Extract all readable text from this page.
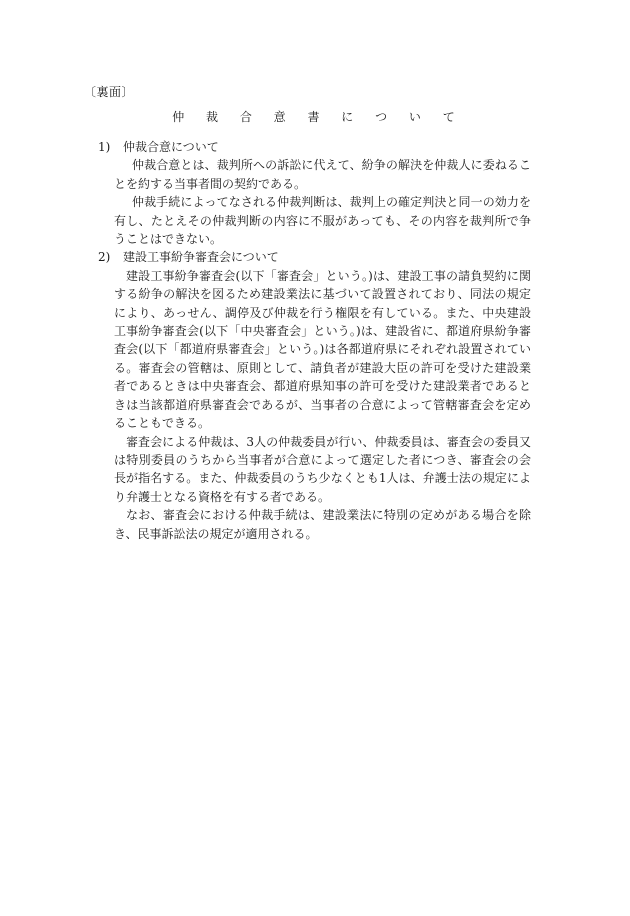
〔裏面〕
仲 裁 合 意 書 に つ い て
1)	仲裁合意について

仲裁合意とは、裁判所への訴訟に代えて、紛争の解決を仲裁人に委ねることを約する当事者間の契約である。

仲裁手続によってなされる仲裁判断は、裁判上の確定判決と同一の効力を有し、たとえその仲裁判断の内容に不服があっても、その内容を裁判所で争うことはできない。

2)	建設工事紛争審査会について

建設工事紛争審査会(以下「審査会」という。)は、建設工事の請負契約に関する紛争の解決を図るため建設業法に基づいて設置されており、同法の規定により、あっせん、調停及び仲裁を行う権限を有している。また、中央建設工事紛争審査会(以下「中央審査会」という。)は、建設省に、都道府県紛争審査会(以下「都道府県審査会」という。)は各都道府県にそれぞれ設置されている。審査会の管轄は、原則として、請負者が建設大臣の許可を受けた建設業者であるときは中央審査会、都道府県知事の許可を受けた建設業者であるときは当該都道府県審査会であるが、当事者の合意によって管轄審査会を定めることもできる。

審査会による仲裁は、3人の仲裁委員が行い、仲裁委員は、審査会の委員又は特別委員のうちから当事者が合意によって選定した者につき、審査会の会長が指名する。また、仲裁委員のうち少なくとも1人は、弁護士法の規定により弁護士となる資格を有する者である。

なお、審査会における仲裁手続は、建設業法に特別の定めがある場合を除き、民事訴訟法の規定が適用される。
